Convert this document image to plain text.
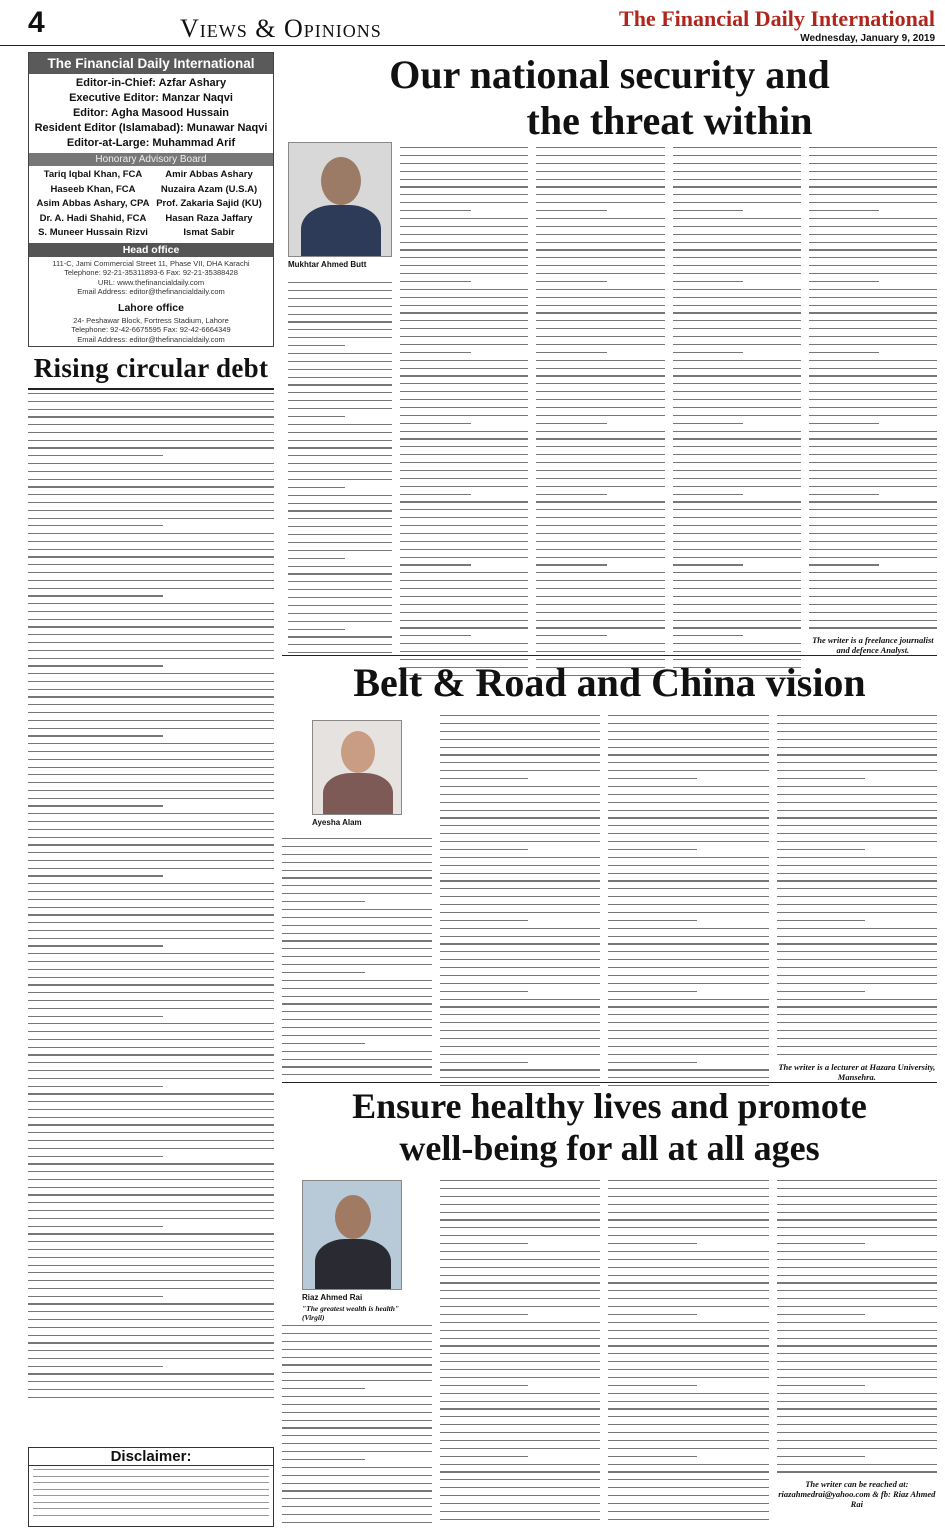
4	Views & Opinions	The Financial Daily International
Wednesday, January 9, 2019
The Financial Daily International
Editor-in-Chief: Azfar Ashary
Executive Editor: Manzar Naqvi
Editor: Agha Masood Hussain
Resident Editor (Islamabad): Munawar Naqvi
Editor-at-Large: Muhammad Arif
Honorary Advisory Board
Tariq Iqbal Khan, FCA	Amir Abbas Ashary
Haseeb Khan, FCA	Nuzaira Azam (U.S.A)
Asim Abbas Ashary, CPA Prof. Zakaria Sajid (KU)
Dr. A. Hadi Shahid, FCA	Hasan Raza Jaffary
S. Muneer Hussain Rizvi	Ismat Sabir
Head office
111-C, Jami Commercial Street 11, Phase VII, DHA Karachi
Telephone: 92-21-35311893-6 Fax: 92-21-35388428
URL: www.thefinancialdaily.com
Email Address: editor@thefinancialdaily.com
Lahore office
24- Peshawar Block, Fortress Stadium, Lahore
Telephone: 92-42-6675595 Fax: 92-42-6664349
Email Address: editor@thefinancialdaily.com
Rising circular debt
Disclaimer:
Our national security and
the threat within
Mukhtar Ahmed Butt
The writer is a freelance journalist and defence Analyst.
Belt & Road and China vision
Ayesha Alam
The writer is a lecturer at Hazara University, Mansehra.
Ensure healthy lives and promote
well-being for all at all ages
Riaz Ahmed Rai
"The greatest wealth is health" (Virgil)
The writer can be reached at: riazahmedrai@yahoo.com & fb: Riaz Ahmed Rai
